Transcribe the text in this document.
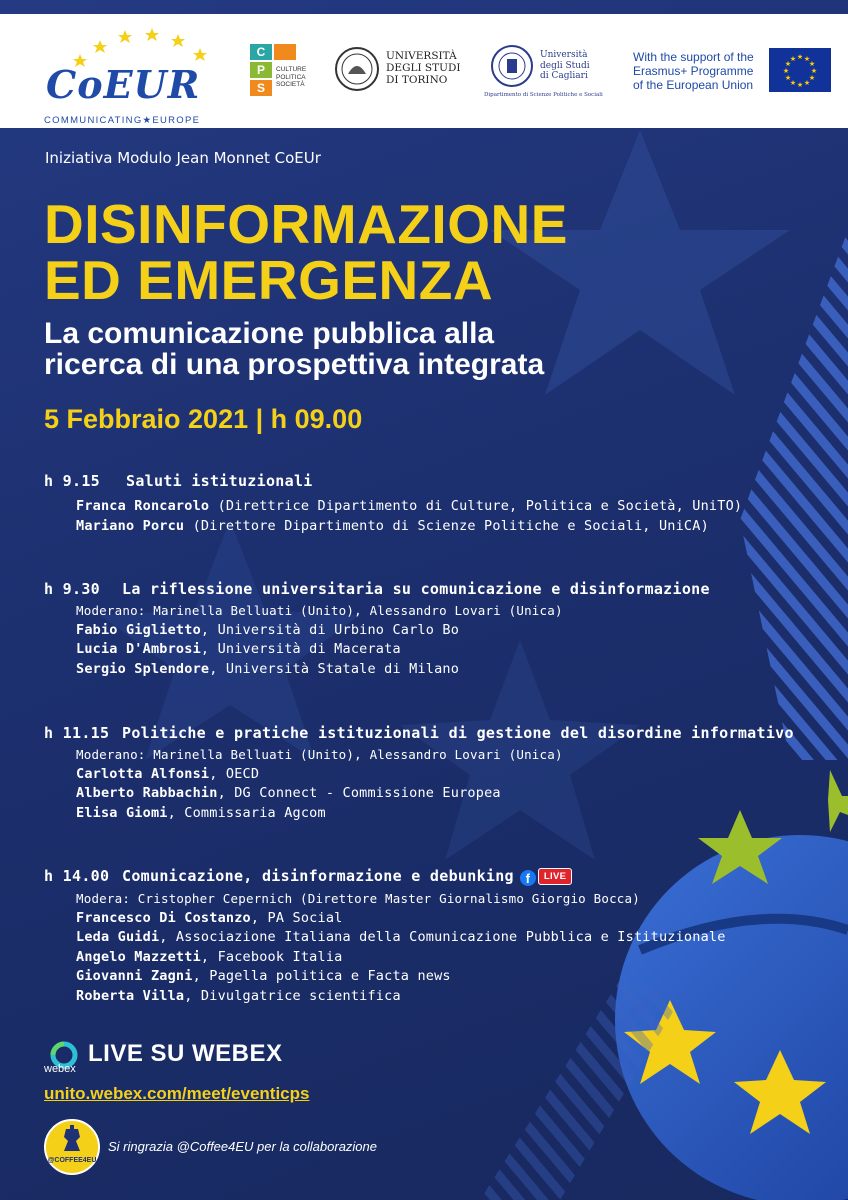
CoEUR
COMMUNICATING★EUROPE
C
P
S
CULTURE
POLITICA
SOCIETÀ
UNIVERSITÀ
DEGLI STUDI
DI TORINO
Università
degli Studi
di Cagliari
Dipartimento di Scienze Politiche e Sociali
With the support of the
Erasmus+ Programme
of the European Union
★ ★
★
★
★
★
★
★
★
★
★
★
Iniziativa Modulo Jean Monnet CoEUr
DISINFORMAZIONE
ED EMERGENZA
La comunicazione pubblica alla
ricerca di una prospettiva integrata
5 Febbraio 2021 | h 09.00
h 9.15 Saluti istituzionali
Franca Roncarolo (Direttrice Dipartimento di Culture, Politica e Società, UniTO)
Mariano Porcu (Direttore Dipartimento di Scienze Politiche e Sociali, UniCA)
h 9.30 La riflessione universitaria su comunicazione e disinformazione
Moderano: Marinella Belluati (Unito), Alessandro Lovari (Unica)
Fabio Giglietto, Università di Urbino Carlo Bo
Lucia D'Ambrosi, Università di Macerata
Sergio Splendore, Università Statale di Milano
h 11.15 Politiche e pratiche istituzionali di gestione del disordine informativo
Moderano: Marinella Belluati (Unito), Alessandro Lovari (Unica)
Carlotta Alfonsi, OECD
Alberto Rabbachin, DG Connect - Commissione Europea
Elisa Giomi, Commissaria Agcom
h 14.00 Comunicazione, disinformazione e debunking f LIVE
Modera: Cristopher Cepernich (Direttore Master Giornalismo Giorgio Bocca)
Francesco Di Costanzo, PA Social
Leda Guidi, Associazione Italiana della Comunicazione Pubblica e Istituzionale
Angelo Mazzetti, Facebook Italia
Giovanni Zagni, Pagella politica e Facta news
Roberta Villa, Divulgatrice scientifica
webex
LIVE SU WEBEX
unito.webex.com/meet/eventicps
@COFFEE4EU
Si ringrazia @Coffee4EU per la collaborazione
